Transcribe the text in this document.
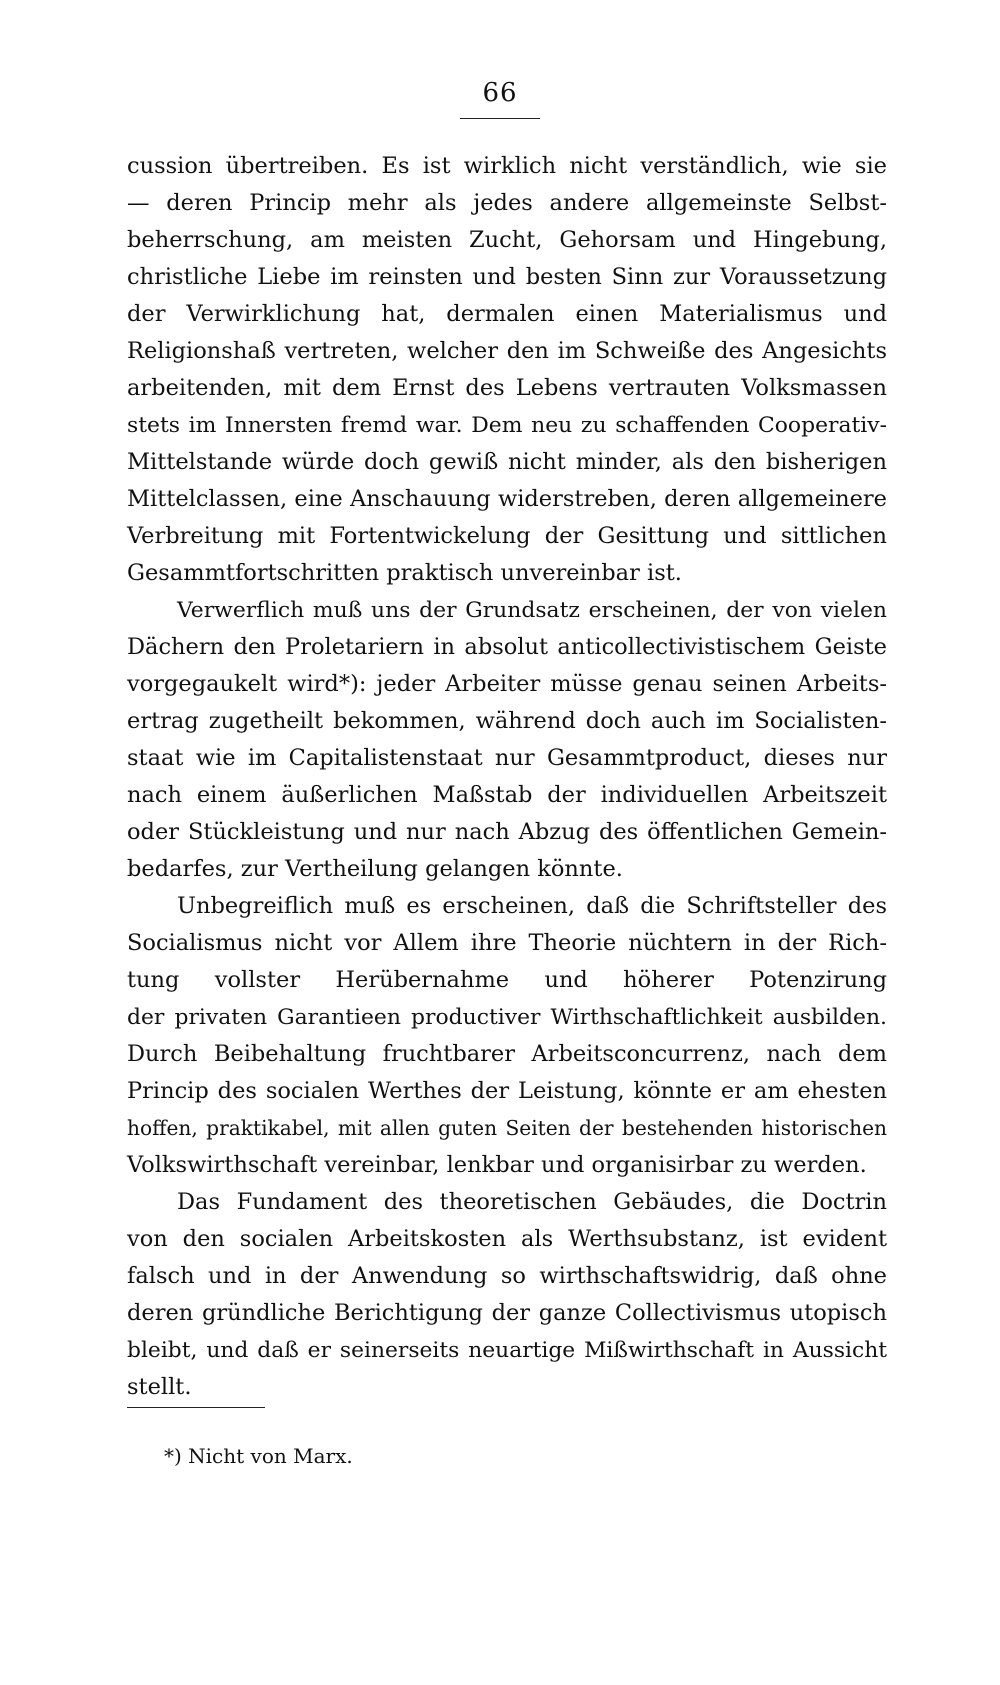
66
cussion übertreiben. Es ist wirklich nicht verständlich, wie sie
— deren Princip mehr als jedes andere allgemeinste Selbst-
beherrschung, am meisten Zucht, Gehorsam und Hingebung,
christliche Liebe im reinsten und besten Sinn zur Voraussetzung
der Verwirklichung hat, dermalen einen Materialismus und
Religionshaß vertreten, welcher den im Schweiße des Angesichts
arbeitenden, mit dem Ernst des Lebens vertrauten Volksmassen
stets im Innersten fremd war. Dem neu zu schaffenden Cooperativ-
Mittelstande würde doch gewiß nicht minder, als den bisherigen
Mittelclassen, eine Anschauung widerstreben, deren allgemeinere
Verbreitung mit Fortentwickelung der Gesittung und sittlichen
Gesammtfortschritten praktisch unvereinbar ist.
Verwerflich muß uns der Grundsatz erscheinen, der von vielen
Dächern den Proletariern in absolut anticollectivistischem Geiste
vorgegaukelt wird*): jeder Arbeiter müsse genau seinen Arbeits-
ertrag zugetheilt bekommen, während doch auch im Socialisten-
staat wie im Capitalistenstaat nur Gesammtproduct, dieses nur
nach einem äußerlichen Maßstab der individuellen Arbeitszeit
oder Stückleistung und nur nach Abzug des öffentlichen Gemein-
bedarfes, zur Vertheilung gelangen könnte.
Unbegreiflich muß es erscheinen, daß die Schriftsteller des
Socialismus nicht vor Allem ihre Theorie nüchtern in der Rich-
tung vollster Herübernahme und höherer Potenzirung
der privaten Garantieen productiver Wirthschaftlichkeit ausbilden.
Durch Beibehaltung fruchtbarer Arbeitsconcurrenz, nach dem
Princip des socialen Werthes der Leistung, könnte er am ehesten
hoffen, praktikabel, mit allen guten Seiten der bestehenden historischen
Volkswirthschaft vereinbar, lenkbar und organisirbar zu werden.
Das Fundament des theoretischen Gebäudes, die Doctrin
von den socialen Arbeitskosten als Werthsubstanz, ist evident
falsch und in der Anwendung so wirthschaftswidrig, daß ohne
deren gründliche Berichtigung der ganze Collectivismus utopisch
bleibt, und daß er seinerseits neuartige Mißwirthschaft in Aussicht
stellt.
*) Nicht von Marx.
